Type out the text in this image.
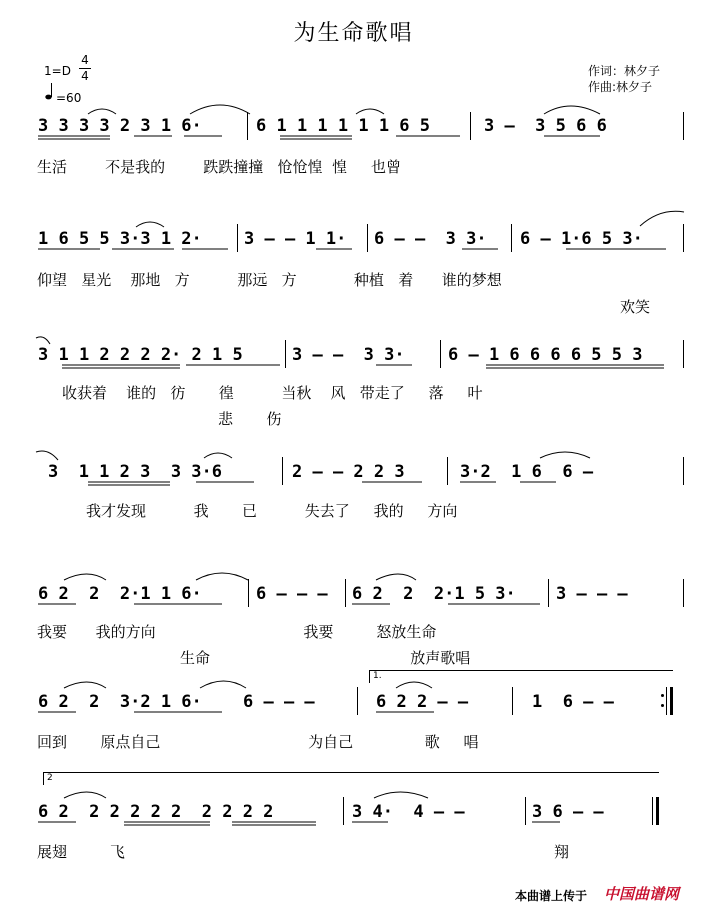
为生命歌唱
1=D
4
4
=60
作词：林夕子
作曲:林夕子
3 3 3 3 2 3 1 6·	6 1 1 1 1 1 1 6 5	3 –  3 5 6 6
生活        不是我的        跌跌撞撞   怆怆惶  惶     也曾
1 6 5 5 3·3 1 2· 3 – – 1 1· 6 – –  3 3· 6 – 1·6 5 3·
仰望   星光    那地   方          那远   方            种植   着      谁的梦想
欢笑
3 1 1 2 2 2 2· 2 1 5	3 – –  3 3·	6 – 1 6 6 6 6 5 5 3
收获着    谁的   彷       徨          当秋    风   带走了     落     叶
悲       伤
3  1 1 2 3  3 3·6	2 – – 2 2 3	3·2  1 6  6 –
我才发现          我       已          失去了     我的     方向
6 2  2  2·1 1 6·	6 – – – 6 2  2  2·1 5 3· 3 – – –
我要      我的方向                               我要         怒放生命
生命                                          放声歌唱
1.
6 2  2  3·2 1 6· 6 – – –	6 2 2 – –	1  6 – –
回到       原点自己                               为自己               歌     唱
2
6 2  2 2 2 2 2  2 2 2 2	3 4·  4 – –	3 6 – –
展翅         飞	翔
本曲谱上传于 中国曲谱网
